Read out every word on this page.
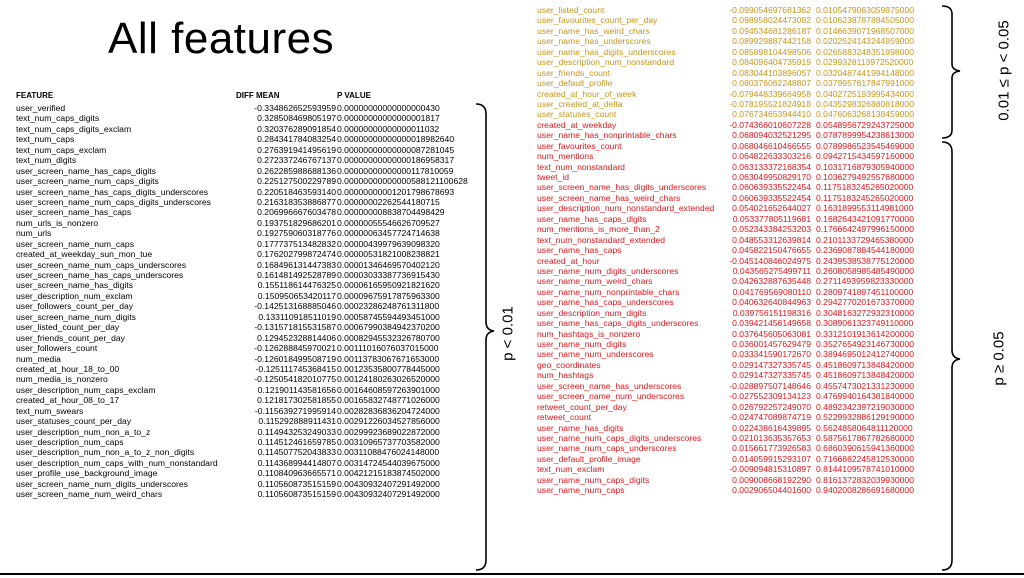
All features
FEATURE	DIFF MEAN	P VALUE
user_verified	-0.334862652593959 0.00000000000000000430
text_num_caps_digits	0.328508469805197 0.00000000000000001817
text_num_caps_digits_exclam	0.320376289091854 0.00000000000000011032
text_num_caps	0.284341784083254 0.00000000000000018982640
text_num_caps_exclam	0.276391941495619 0.00000000000000087281045
text_num_digits	0.272337246767137 0.00000000000000186958317
user_screen_name_has_caps_digits	0.262285988688136 0.00000000000000117810059
user_screen_name_num_caps_digits	0.225127500229789 0.00000000000000588121100628
user_screen_name_has_caps_digits_underscores	0.220518463593140 0.00000000001201798678693
user_screen_name_num_caps_digits_underscores	0.216318353886877 0.00000002262544180715
user_screen_name_has_caps	0.206996667603478 0.000000008838704498429
num_urls_is_nonzero	0.193751829686201 0.00000055546626709527
num_urls	0.192759060318776 0.00000063457724714638
user_screen_name_num_caps	0.177737513482832 0.00000439979639098320
created_at_weekday_sun_mon_tue	0.176202799872474 0.00000531821008238821
user_screen_name_num_caps_underscores	0.168496131447383 0.00001346469570402120
user_screen_name_has_caps_underscores	0.161481492528789 0.00003033387736915430
user_screen_name_has_digits	0.155118614476325 0.00006165950921821620
user_description_num_exclam	0.150950653420117 0.00009675917875963300
user_followers_count_per_day	-0.142513168885046 0.00023286248761311800
user_screen_name_num_digits	0.133110918511019 0.00058745594493451000
user_listed_count_per_day	-0.131571815531587 0.00067990384942370200
user_friends_count_per_day	0.129452328814406 0.00082945532326780700
user_followers_count	-0.126288845970021 0.00111016076037015000
num_media	-0.126018499508719 0.00113783067671653000
created_at_hour_18_to_00	-0.125111745368415 0.00123535800778445000
num_media_is_nonzero	-0.125054182010775 0.00124180263026520000
user_description_num_caps_exclam	0.121901143581656 0.00164608597263901000
created_at_hour_08_to_17	0.121817302581855 0.00165832748771026000
text_num_swears	-0.115639271995914 0.00282836836204724000
user_statuses_count_per_day	0.115292888911431 0.00291226034527856000
user_description_num_non_a_to_z	0.114943253249033 0.00299923689022872000
user_description_num_caps	0.114512461659785 0.00310965737703582000
user_description_num_non_a_to_z_non_digits	0.114507752043833 0.00311088476024148000
user_description_num_caps_with_num_nonstandard	0.114368994414807 0.00314724544039675000
user_profile_use_background_image	0.110840963665571 0.00421215183874502000
user_screen_name_num_digits_underscores	0.110560873515159 0.00430932407291492000
user_screen_name_num_weird_chars	0.110560873515159 0.00430932407291492000
user_listed_count	-0.099054697681362 0.0105479063059875000
user_favourites_count_per_day	0.098958024473082 0.0106238787884505000
user_name_has_weird_chars	0.094534681286187 0.0146639071968507000
user_name_has_underscores	0.089929887442158 0.0202524143244959000
user_name_has_digits_underscores	0.085898104498506 0.0265883248351998000
user_description_num_nonstandard	0.084096404735919 0.0299328113972520000
user_friends_count	0.083044103896057 0.0320487441994148000
user_default_profile	0.080376062248807 0.0379957617847991000
created_at_hour_of_week	-0.079448339664958 0.0402725193995434000
user_created_at_delta	-0.078195521824918 0.0435298326880818000
user_statuses_count	0.076734653944410 0.0476063268138459000
created_at_weekday	-0.074366010607228 0.0548956729243725000
user_name_has_nonprintable_chars	0.068094032521295 0.0787899954238613000
user_favourites_count	0.068046610466555 0.0789986523545469000
num_mentions	0.064822633303216 0.0942715434597160000
text_num_nonstandard	0.063133372168354 0.1031716879305940000
tweet_id	0.063049950829170 0.1036279492557680000
user_screen_name_has_digits_underscores	0.060639335522454 0.1175183245265020000
user_screen_name_has_weird_chars	0.060639335522454 0.1175183245265020000
user_description_num_nonstandard_extended	0.054021652644027 0.1631899553114981000
user_name_has_caps_digits	0.053377805119681 0.1682643421091770000
num_mentions_is_more_than_2	0.052343384253203 0.1766642497996150000
text_num_nonstandard_extended	0.048553312639814 0.2101133729465380000
user_name_has_caps	0.045822150476655 0.2369087884544180000
created_at_hour	-0.045140846024975 0.2439538538775120000
user_name_num_digits_underscores	0.043565275499711 0.2608058985485490000
user_name_num_weird_chars	0.042632887635448 0.2711493959823330000
user_name_num_nonprintable_chars	0.041769569080110 0.2809741897451100000
user_name_has_caps_underscores	0.040632640844963 0.2942770201673370000
user_description_num_digits	0.039756151198316 0.3048163272932310000
user_name_has_caps_digits_underscores	0.039421456149658 0.3089061323749110000
num_hashtags_is_nonzero	0.037645605063081 0.3312101913614200000
user_name_num_digits	0.036001457629479 0.3527654923146730000
user_name_num_underscores	0.033341590172670 0.3894695012412740000
geo_coordinates	0.029147327335745 0.4518609713848420000
num_hashtags	0.029147327335745 0.4518609713848420000
user_screen_name_has_underscores	-0.028897507148646 0.4557473021331230000
user_screen_name_num_underscores	-0.027552309134123 0.4769940164381840000
retweet_count_per_day	0.026792257249070 0.4892342397219030000
retweet_count	-0.024747089874719 0.5229932886129190000
user_name_has_digits	0.022438616439895 0.5624858064811120000
user_name_num_caps_digits_underscores	0.021013635357653 0.5875617867782680000
user_name_num_caps_underscores	0.015661773926583 0.6860390615941360000
user_default_profile_image	0.014059915293107 0.7166862245812530000
text_num_exclam	-0.009094815310897 0.8144109578741010000
user_name_num_caps_digits	0.009008668192290 0.8161372832039930000
user_name_num_caps	0.002906504401600 0.9402008286691680000
p < 0.01
0.01 ≤ p < 0.05
p ≥ 0.05
